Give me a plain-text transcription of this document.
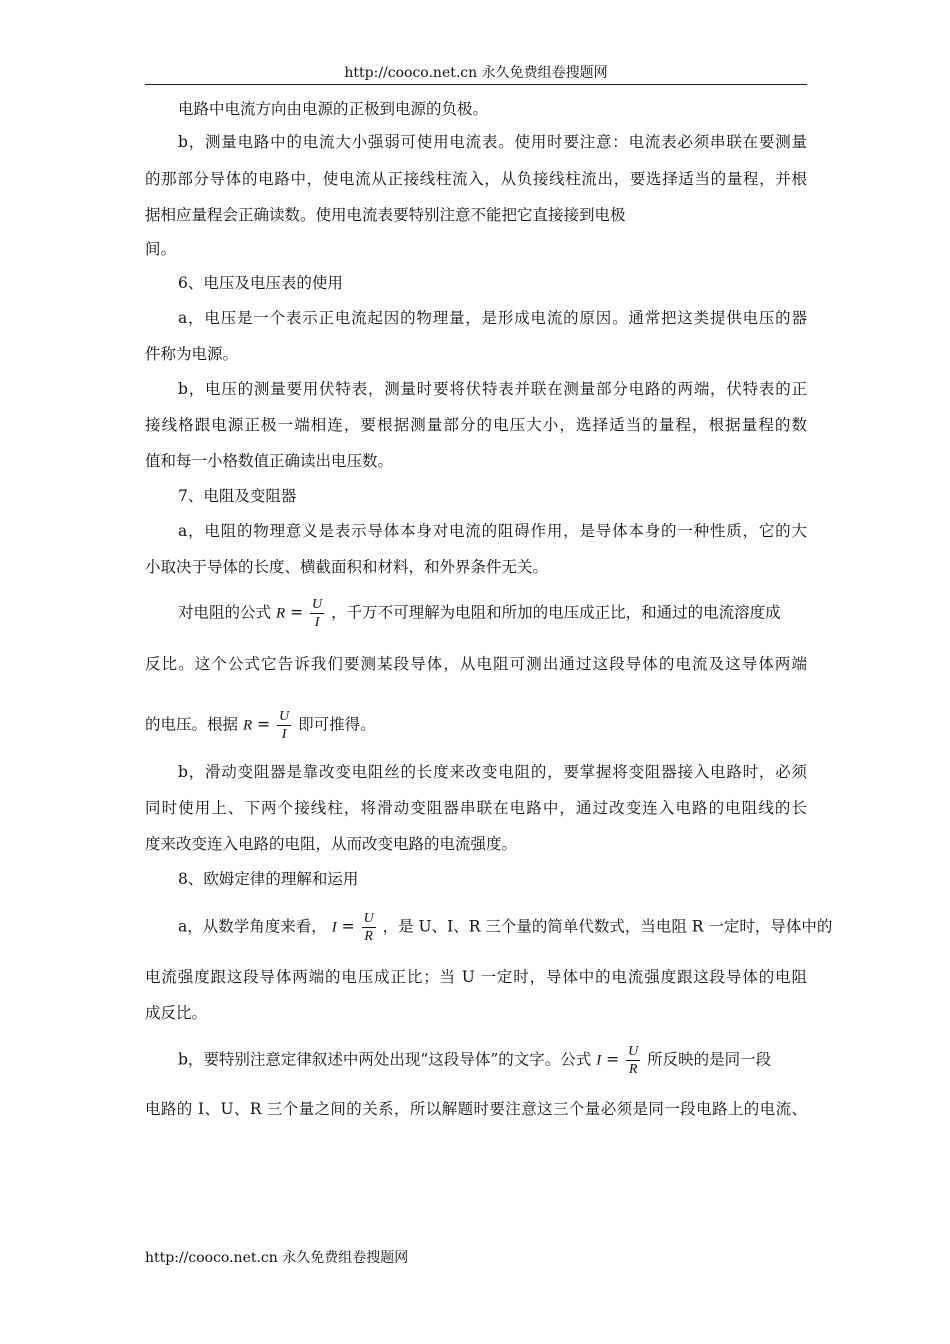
http://cooco.net.cn 永久免费组卷搜题网
电路中电流方向由电源的正极到电源的负极。
b，测量电路中的电流大小强弱可使用电流表。使用时要注意：电流表必须串联在要测量
的那部分导体的电路中，使电流从正接线柱流入，从负接线柱流出，要选择适当的量程，并根
据相应量程会正确读数。使用电流表要特别注意不能把它直接接到电极
间。
6、电压及电压表的使用
a，电压是一个表示正电流起因的物理量，是形成电流的原因。通常把这类提供电压的器
件称为电源。
b，电压的测量要用伏特表，测量时要将伏特表并联在测量部分电路的两端，伏特表的正
接线格跟电源正极一端相连，要根据测量部分的电压大小，选择适当的量程，根据量程的数
值和每一小格数值正确读出电压数。
7、电阻及变阻器
a，电阻的物理意义是表示导体本身对电流的阻碍作用，是导体本身的一种性质，它的大
小取决于导体的长度、横截面积和材料，和外界条件无关。
对电阻的公式 $R = \frac{U}{I}$ ，千万不可理解为电阻和所加的电压成正比，和通过的电流溶度成
反比。这个公式它告诉我们要测某段导体，从电阻可测出通过这段导体的电流及这导体两端
的电压。根据 $R = \frac{U}{I}$ 即可推得。
b，滑动变阻器是靠改变电阻丝的长度来改变电阻的，要掌握将变阻器接入电路时，必须
同时使用上、下两个接线柱，将滑动变阻器串联在电路中，通过改变连入电路的电阻线的长
度来改变连入电路的电阻，从而改变电路的电流强度。
8、欧姆定律的理解和运用
a，从数学角度来看， $I = \frac{U}{R}$ ，是 U、I、R 三个量的简单代数式，当电阻 R 一定时，导体中的
电流强度跟这段导体两端的电压成正比；当 U 一定时，导体中的电流强度跟这段导体的电阻
成反比。
b，要特别注意定律叙述中两处出现“这段导体”的文字。公式 $I = \frac{U}{R}$ 所反映的是同一段
电路的 I、U、R 三个量之间的关系，所以解题时要注意这三个量必须是同一段电路上的电流、
http://cooco.net.cn 永久免费组卷搜题网
